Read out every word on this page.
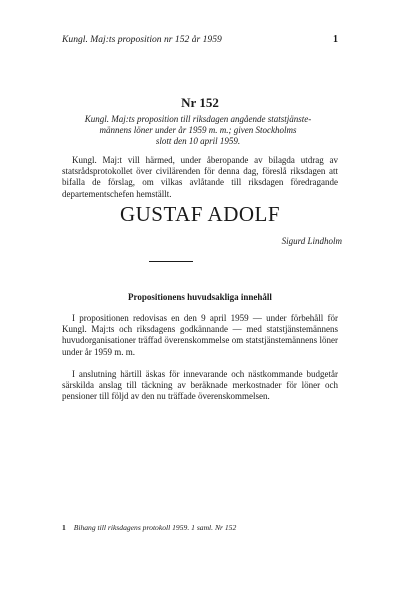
Kungl. Maj:ts proposition nr 152 år 1959	1
Nr 152
Kungl. Maj:ts proposition till riksdagen angående statstjänste-
männens löner under år 1959 m. m.; given Stockholms
slott den 10 april 1959.

Kungl. Maj:t vill härmed, under åberopande av bilagda utdrag av statsrådsprotokollet över civilärenden för denna dag, föreslå riksdagen att bifalla de förslag, om vilkas avlåtande till riksdagen föredragande departementschefen hemställt.

GUSTAF ADOLF
Sigurd Lindholm
Propositionens huvudsakliga innehåll

I propositionen redovisas en den 9 april 1959 — under förbehåll för Kungl. Maj:ts och riksdagens godkännande — med statstjänstemännens huvudorganisationer träffad överenskommelse om statstjänstemännens löner under år 1959 m. m.

I anslutning härtill äskas för innevarande och nästkommande budgetår särskilda anslag till täckning av beräknade merkostnader för löner och pensioner till följd av den nu träffade överenskommelsen.

1 Bihang till riksdagens protokoll 1959. 1 saml. Nr 152
